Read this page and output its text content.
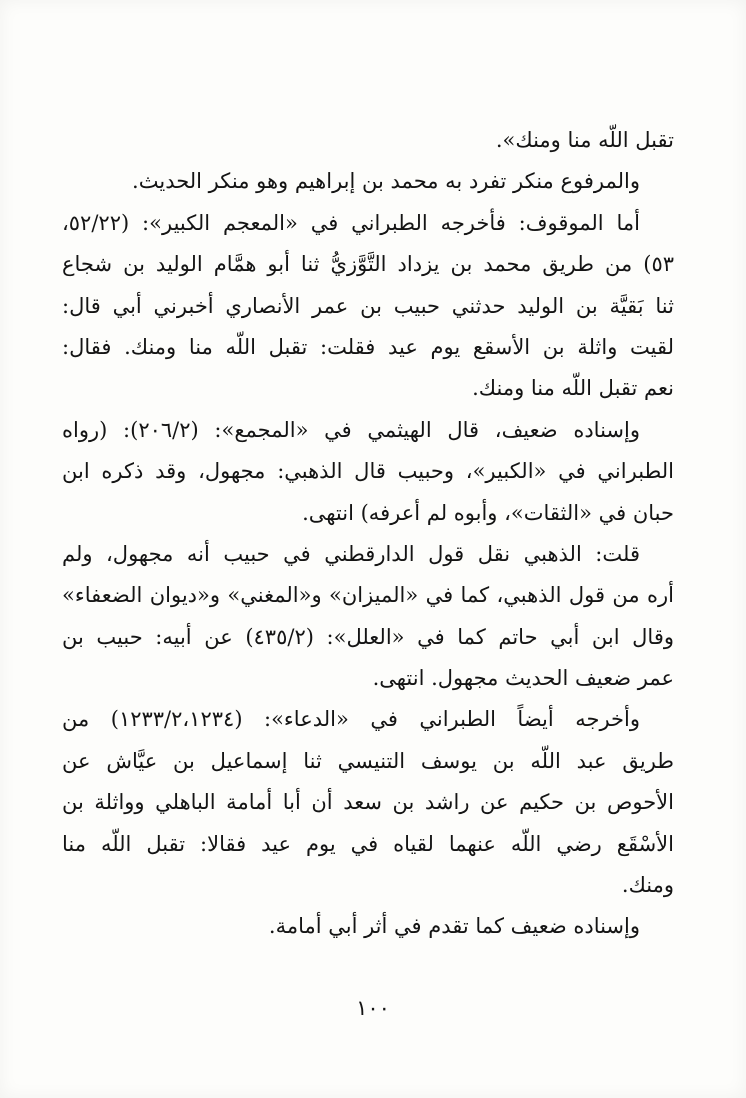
تقبل اللّه منا ومنك».
والمرفوع منكر تفرد به محمد بن إبراهيم وهو منكر الحديث.
أما الموقوف: فأخرجه الطبراني في «المعجم الكبير»: (٥٢/٢٢،
٥٣) من طريق محمد بن يزداد التَّوَّزيُّ ثنا أبو همَّام الوليد بن شجاع
ثنا بَقيَّة بن الوليد حدثني حبيب بن عمر الأنصاري أخبرني أبي قال:
لقيت واثلة بن الأسقع يوم عيد فقلت: تقبل اللّه منا ومنك. فقال:
نعم تقبل اللّه منا ومنك.
وإسناده ضعيف، قال الهيثمي في «المجمع»: (٢٠٦/٢): (رواه
الطبراني في «الكبير»، وحبيب قال الذهبي: مجهول، وقد ذكره ابن
حبان في «الثقات»، وأبوه لم أعرفه) انتهى.
قلت: الذهبي نقل قول الدارقطني في حبيب أنه مجهول، ولم
أره من قول الذهبي، كما في «الميزان» و«المغني» و«ديوان الضعفاء»
وقال ابن أبي حاتم كما في «العلل»: (٤٣٥/٢) عن أبيه: حبيب بن
عمر ضعيف الحديث مجهول. انتهى.
وأخرجه أيضاً الطبراني في «الدعاء»: (١٢٣٣/٢،١٢٣٤) من
طريق عبد اللّه بن يوسف التنيسي ثنا إسماعيل بن عيَّاش عن
الأحوص بن حكيم عن راشد بن سعد أن أبا أمامة الباهلي وواثلة بن
الأسْقَع رضي اللّه عنهما لقياه في يوم عيد فقالا: تقبل اللّه منا
ومنك.
وإسناده ضعيف كما تقدم في أثر أبي أمامة.
١٠٠
